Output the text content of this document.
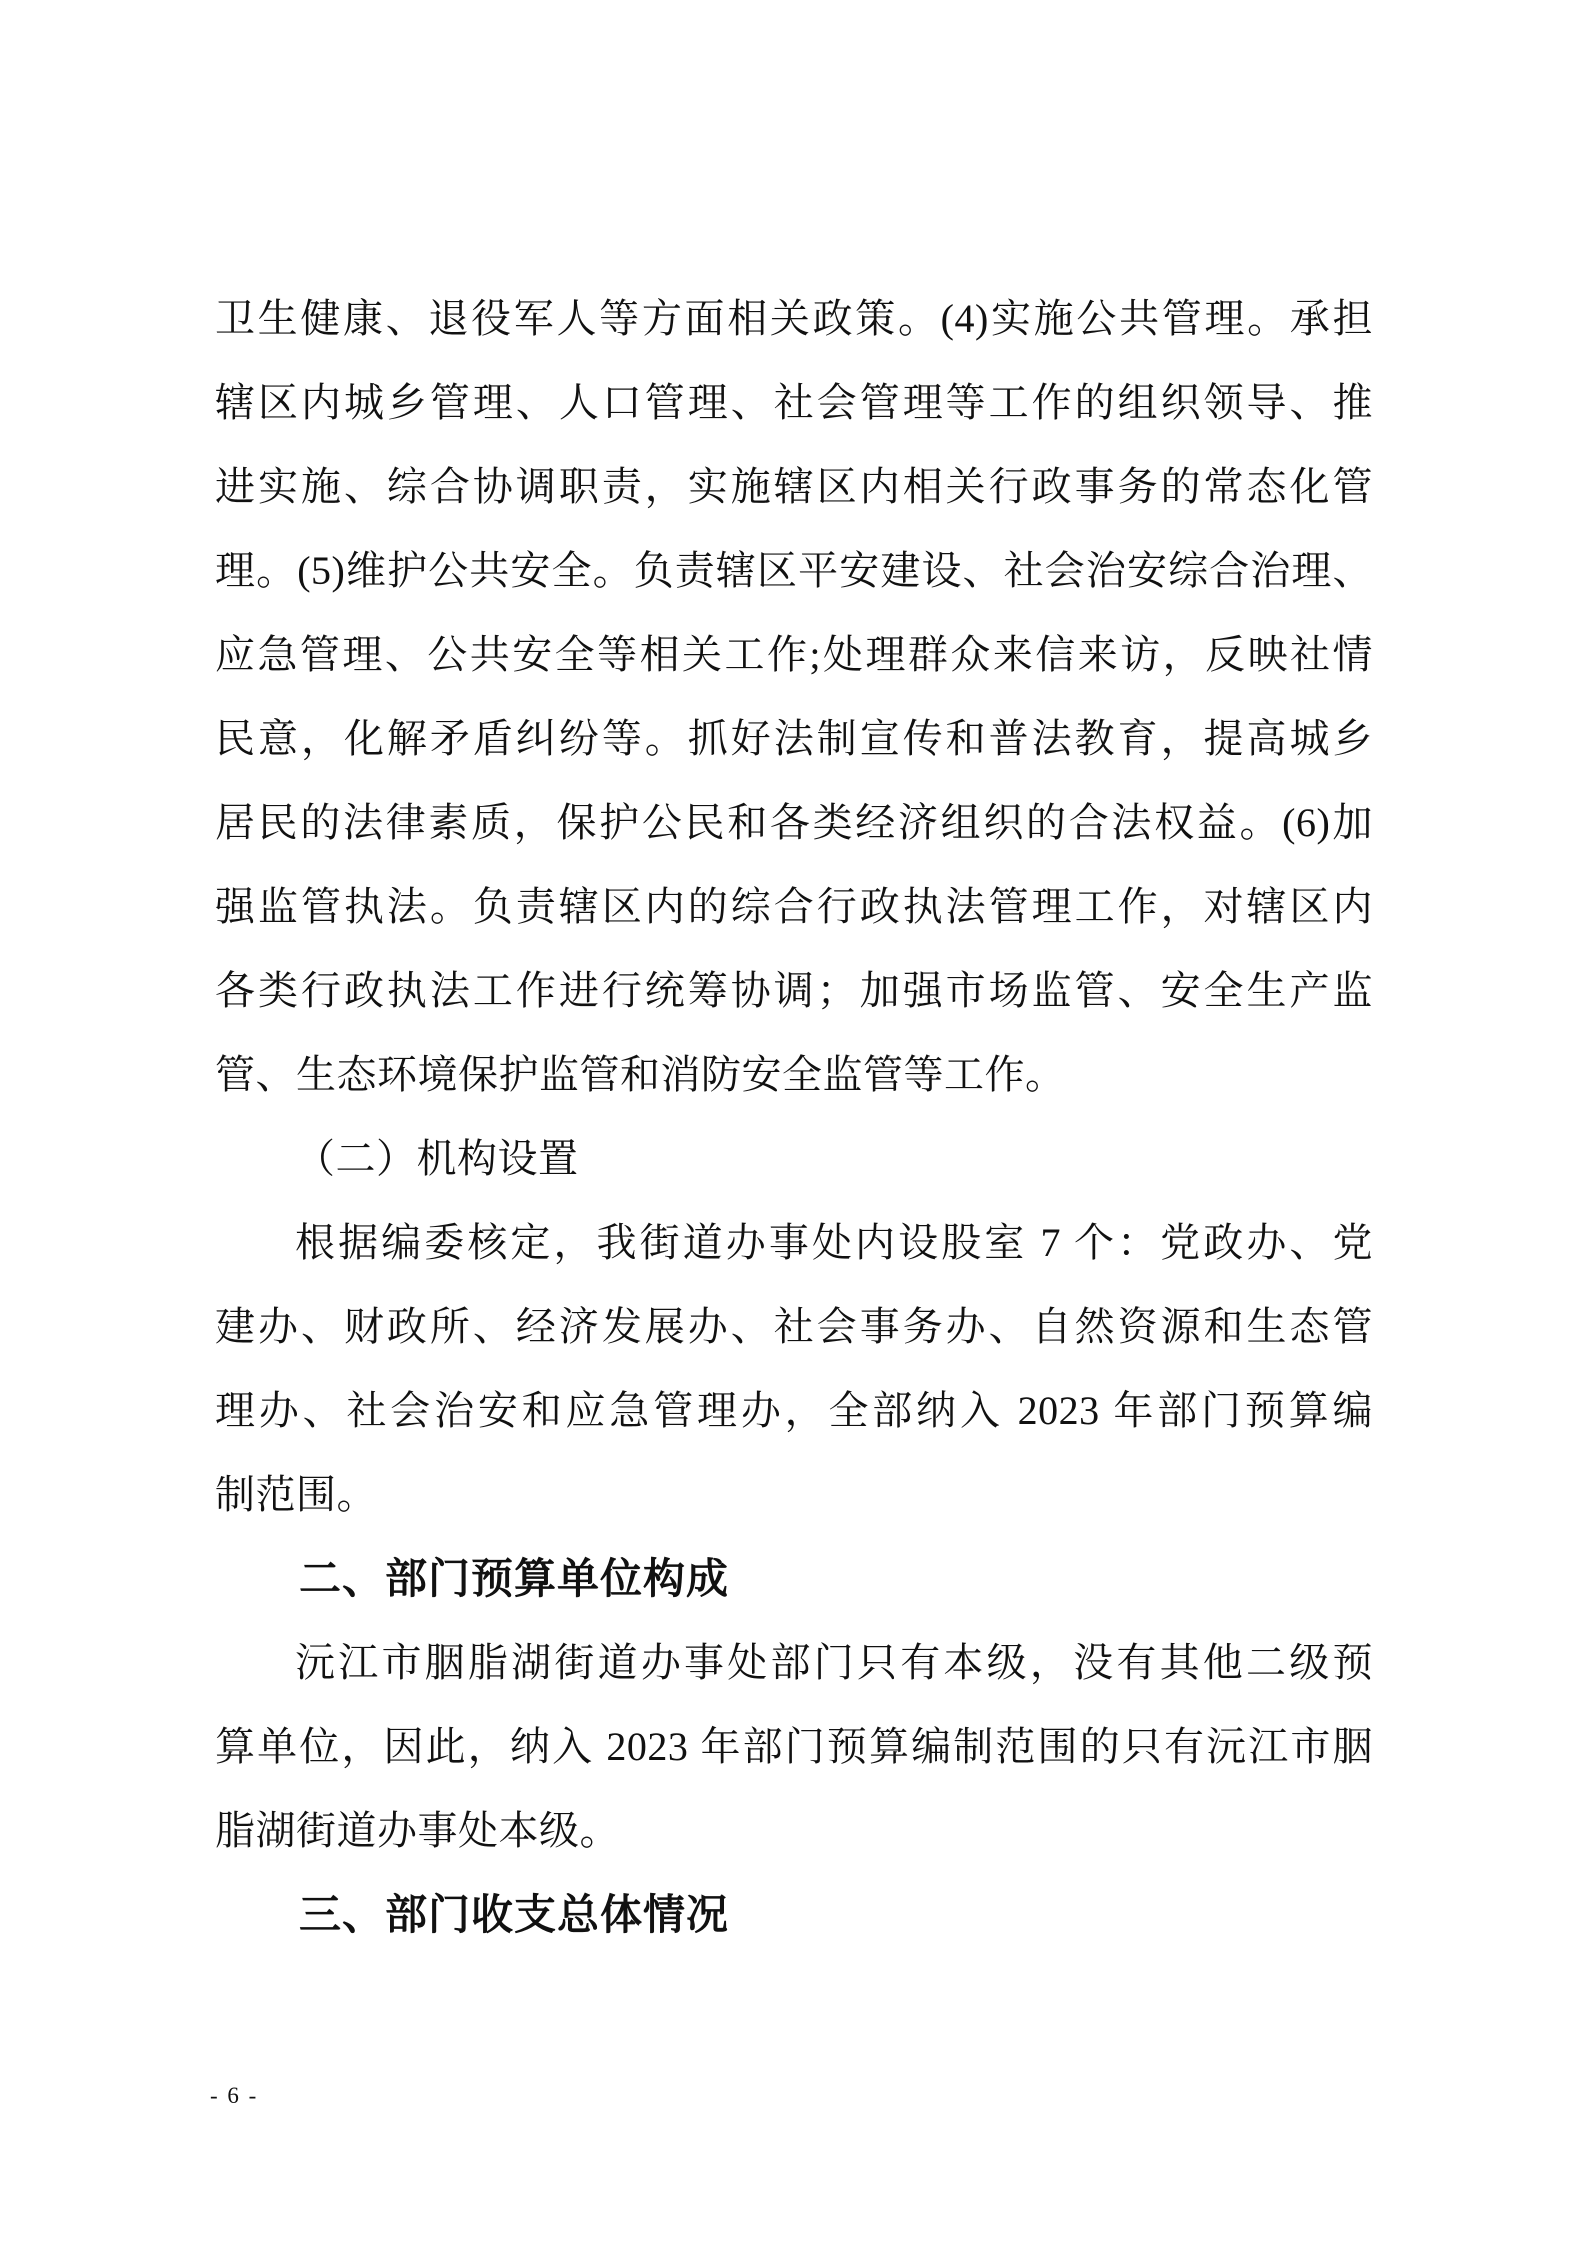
卫生健康、退役军人等方面相关政策。(4)实施公共管理。承担
辖区内城乡管理、人口管理、社会管理等工作的组织领导、推
进实施、综合协调职责，实施辖区内相关行政事务的常态化管
理。(5)维护公共安全。负责辖区平安建设、社会治安综合治理、
应急管理、公共安全等相关工作;处理群众来信来访，反映社情
民意，化解矛盾纠纷等。抓好法制宣传和普法教育，提高城乡
居民的法律素质，保护公民和各类经济组织的合法权益。(6)加
强监管执法。负责辖区内的综合行政执法管理工作，对辖区内
各类行政执法工作进行统筹协调；加强市场监管、安全生产监
管、生态环境保护监管和消防安全监管等工作。
（二）机构设置
根据编委核定，我街道办事处内设股室 7 个：党政办、党
建办、财政所、经济发展办、社会事务办、自然资源和生态管
理办、社会治安和应急管理办，全部纳入 2023 年部门预算编
制范围。
二、部门预算单位构成
沅江市胭脂湖街道办事处部门只有本级，没有其他二级预
算单位，因此，纳入 2023 年部门预算编制范围的只有沅江市胭
脂湖街道办事处本级。
三、部门收支总体情况
- 6 -
